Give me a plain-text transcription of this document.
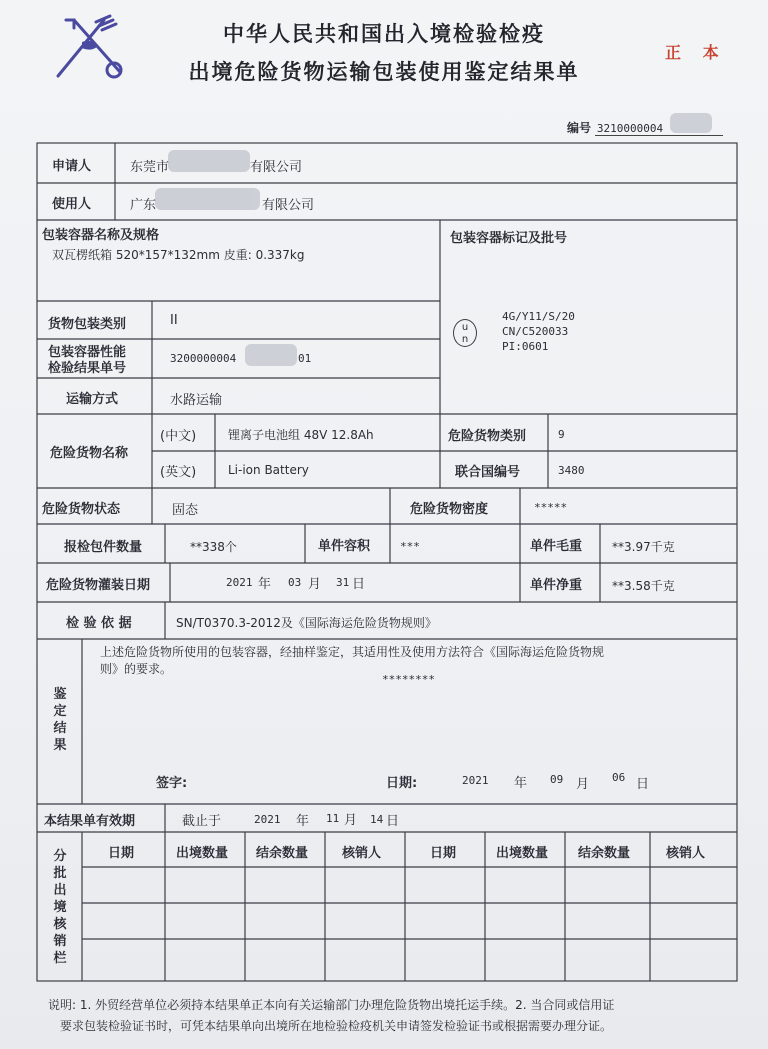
中华人民共和国出入境检验检疫
出境危险货物运输包装使用鉴定结果单
正 本
编号 3210000004
申请人	东莞市	有限公司
使用人	广东	有限公司
包装容器名称及规格
双瓦楞纸箱 520*157*132mm 皮重: 0.337kg
包装容器标记及批号
u
n
4G/Y11/S/20
CN/C520033
PI:0601
货物包装类别	II
包装容器性能
检验结果单号
3200000004	01
运输方式	水路运输
危险货物名称
(中文)	锂离子电池组 48V 12.8Ah
(英文)	Li-ion Battery
危险货物类别	9
联合国编号	3480
危险货物状态	固态	危险货物密度	*****
报检包件数量	**338个	单件容积	***	单件毛重 **3.97千克
危险货物灌装日期	2021 年 03 月 31 日	单件净重 **3.58千克
检 验 依 据	SN/T0370.3-2012及《国际海运危险货物规则》
鉴
定
结
果
上述危险货物所使用的包装容器，经抽样鉴定，其适用性及使用方法符合《国际海运危险货物规
则》的要求。
********
签字:	日期:	2021 年 09 月 06 日
本结果单有效期	截止于	2021 年 11 月 14 日
分
批
出
境
核
销
栏
日期	出境数量 结余数量	核销人	日期	出境数量 结余数量	核销人
说明: 1. 外贸经营单位必须持本结果单正本向有关运输部门办理危险货物出境托运手续。2. 当合同或信用证
要求包装检验证书时，可凭本结果单向出境所在地检验检疫机关申请签发检验证书或根据需要办理分证。
